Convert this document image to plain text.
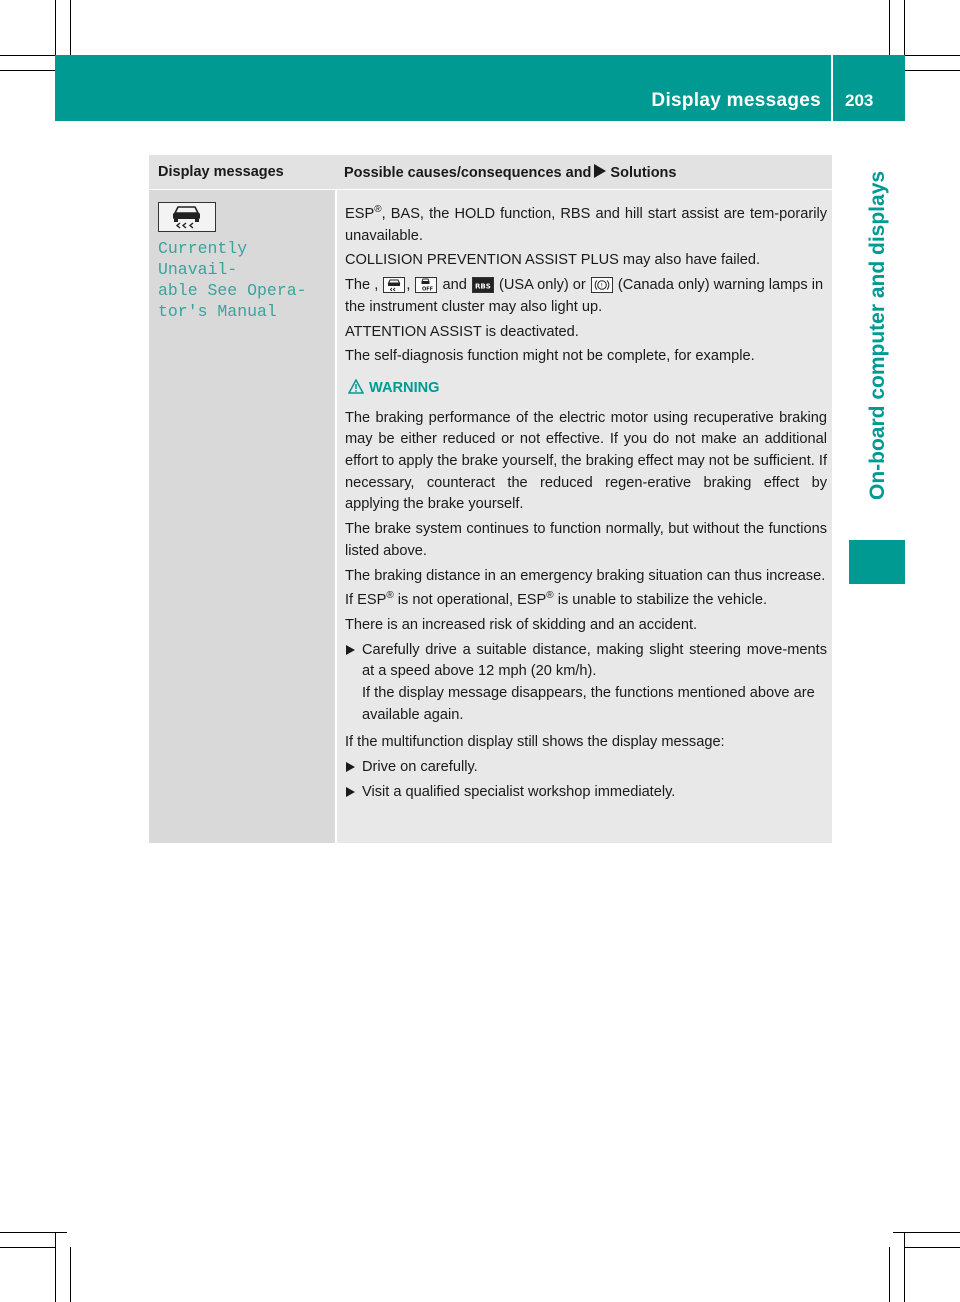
Display messages 203
On-board computer and displays
Display messages	Possible causes/consequences and Solutions
Currently Unavail-
able See Opera-
tor's Manual

ESP®, BAS, the HOLD function, RBS and hill start assist are tem-porarily unavailable.

COLLISION PREVENTION ASSIST PLUS may also have failed.

The , , OFF and RBS (USA only) or ! (Canada only) warning lamps in the instrument cluster may also light up.

ATTENTION ASSIST is deactivated.

The self-diagnosis function might not be complete, for example.

WARNING

The braking performance of the electric motor using recuperative braking may be either reduced or not effective. If you do not make an additional effort to apply the brake yourself, the braking effect may not be sufficient. If necessary, counteract the reduced regen-erative braking effect by applying the brake yourself.

The brake system continues to function normally, but without the functions listed above.

The braking distance in an emergency braking situation can thus increase.

If ESP® is not operational, ESP® is unable to stabilize the vehicle.

There is an increased risk of skidding and an accident.

Carefully drive a suitable distance, making slight steering move-ments at a speed above 12 mph (20 km/h).
If the display message disappears, the functions mentioned above are available again.

If the multifunction display still shows the display message:

Drive on carefully.
Visit a qualified specialist workshop immediately.
